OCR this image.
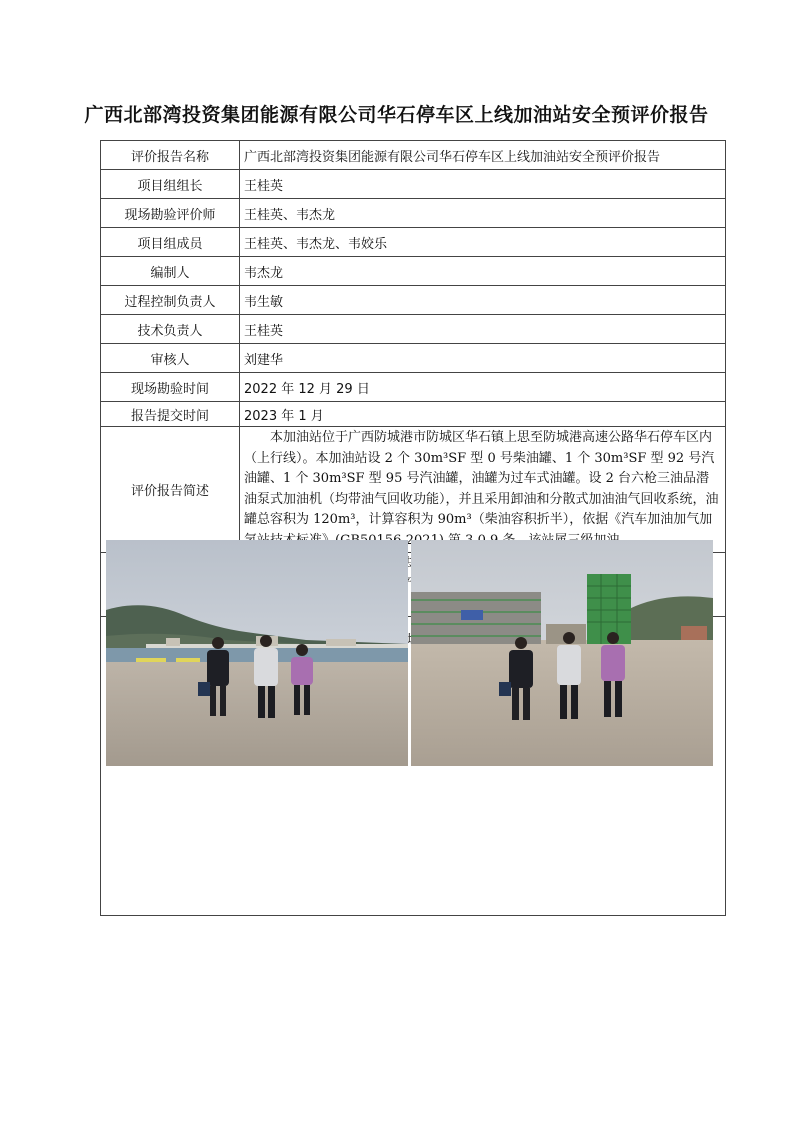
广西北部湾投资集团能源有限公司华石停车区上线加油站安全预评价报告
评价报告名称	广西北部湾投资集团能源有限公司华石停车区上线加油站安全预评价报告
项目组组长	王桂英
现场勘验评价师	王桂英、韦杰龙
项目组成员	王桂英、韦杰龙、韦姣乐
编制人	韦杰龙
过程控制负责人	韦生敏
技术负责人	王桂英
审核人	刘建华
现场勘验时间	2022 年 12 月 29 日
报告提交时间	2023 年 1 月
评价报告简述	本加油站位于广西防城港市防城区华石镇上思至防城港高速公路华石停车区内（上行线）。本加油站设 2 个 30m³SF 型 0 号柴油罐、1 个 30m³SF 型 92 号汽油罐、1 个 30m³SF 型 95 号汽油罐，油罐为过车式油罐。设 2 台六枪三油品潜油泵式加油机（均带油气回收功能），并且采用卸油和分散式加油油气回收系统，油罐总容积为 120m³，计算容积为 90m³（柴油容积折半），依据《汽车加油加气加 2
